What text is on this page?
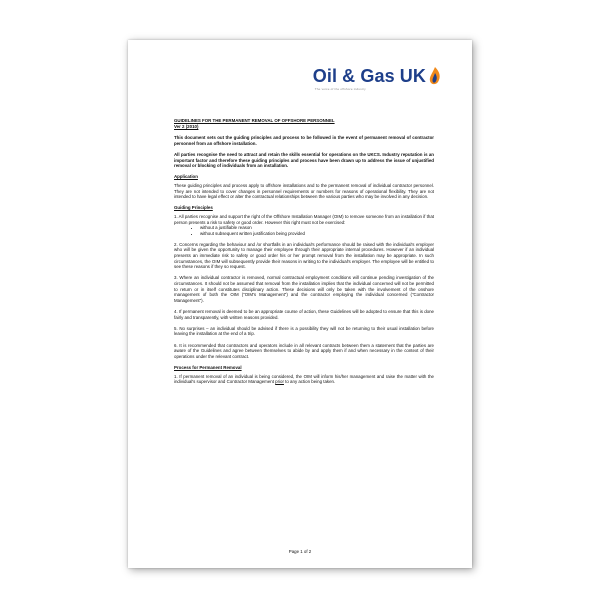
Oil & Gas UK
The voice of the offshore industry
GUIDELINES FOR THE PERMANENT REMOVAL OF OFFSHORE PERSONNEL
Ver 2 (2010)

This document sets out the guiding principles and process to be followed in the event of permanent removal of contractor personnel from an offshore installation.

All parties recognise the need to attract and retain the skills essential for operations on the UKCS. Industry reputation is an important factor and therefore these guiding principles and process have been drawn up to address the issue of unjustified removal or blocking of individuals from an installation.

Application

These guiding principles and process apply to offshore installations and to the permanent removal of individual contractor personnel. They are not intended to cover changes in personnel requirements or numbers for reasons of operational flexibility. They are not intended to have legal effect or alter the contractual relationships between the various parties who may be involved in any decision.

Guiding Principles

1. All parties recognise and support the right of the Offshore Installation Manager (OIM) to remove someone from an installation if that person presents a risk to safety or good order. However this right must not be exercised:

• without a justifiable reason
• without subsequent written justification being provided

2. Concerns regarding the behaviour and /or shortfalls in an individual's performance should be raised with the individual's employer who will be given the opportunity to manage their employee through their appropriate internal procedures. However if an individual presents an immediate risk to safety or good order his or her prompt removal from the installation may be appropriate. In such circumstances, the OIM will subsequently provide their reasons in writing to the individual's employer. The employee will be entitled to see these reasons if they so request.

3. Where an individual contractor is removed, normal contractual employment conditions will continue pending investigation of the circumstances. It should not be assumed that removal from the installation implies that the individual concerned will not be permitted to return or in itself constitutes disciplinary action. These decisions will only be taken with the involvement of the onshore management of both the OIM ("OIM's Management") and the contractor employing the individual concerned ("Contractor Management").

4. If permanent removal is deemed to be an appropriate course of action, these Guidelines will be adopted to ensure that this is done fairly and transparently, with written reasons provided.

5. No surprises – an individual should be advised if there is a possibility they will not be returning to their usual installation before leaving the installation at the end of a trip.

6. It is recommended that contractors and operators include in all relevant contracts between them a statement that the parties are aware of the Guidelines and agree between themselves to abide by and apply them if and when necessary in the context of their operations under the relevant contract.

Process for Permanent Removal

1. If permanent removal of an individual is being considered, the OIM will inform his/her management and raise the matter with the individual's supervisor and Contractor Management prior to any action being taken.

Page 1 of 2
